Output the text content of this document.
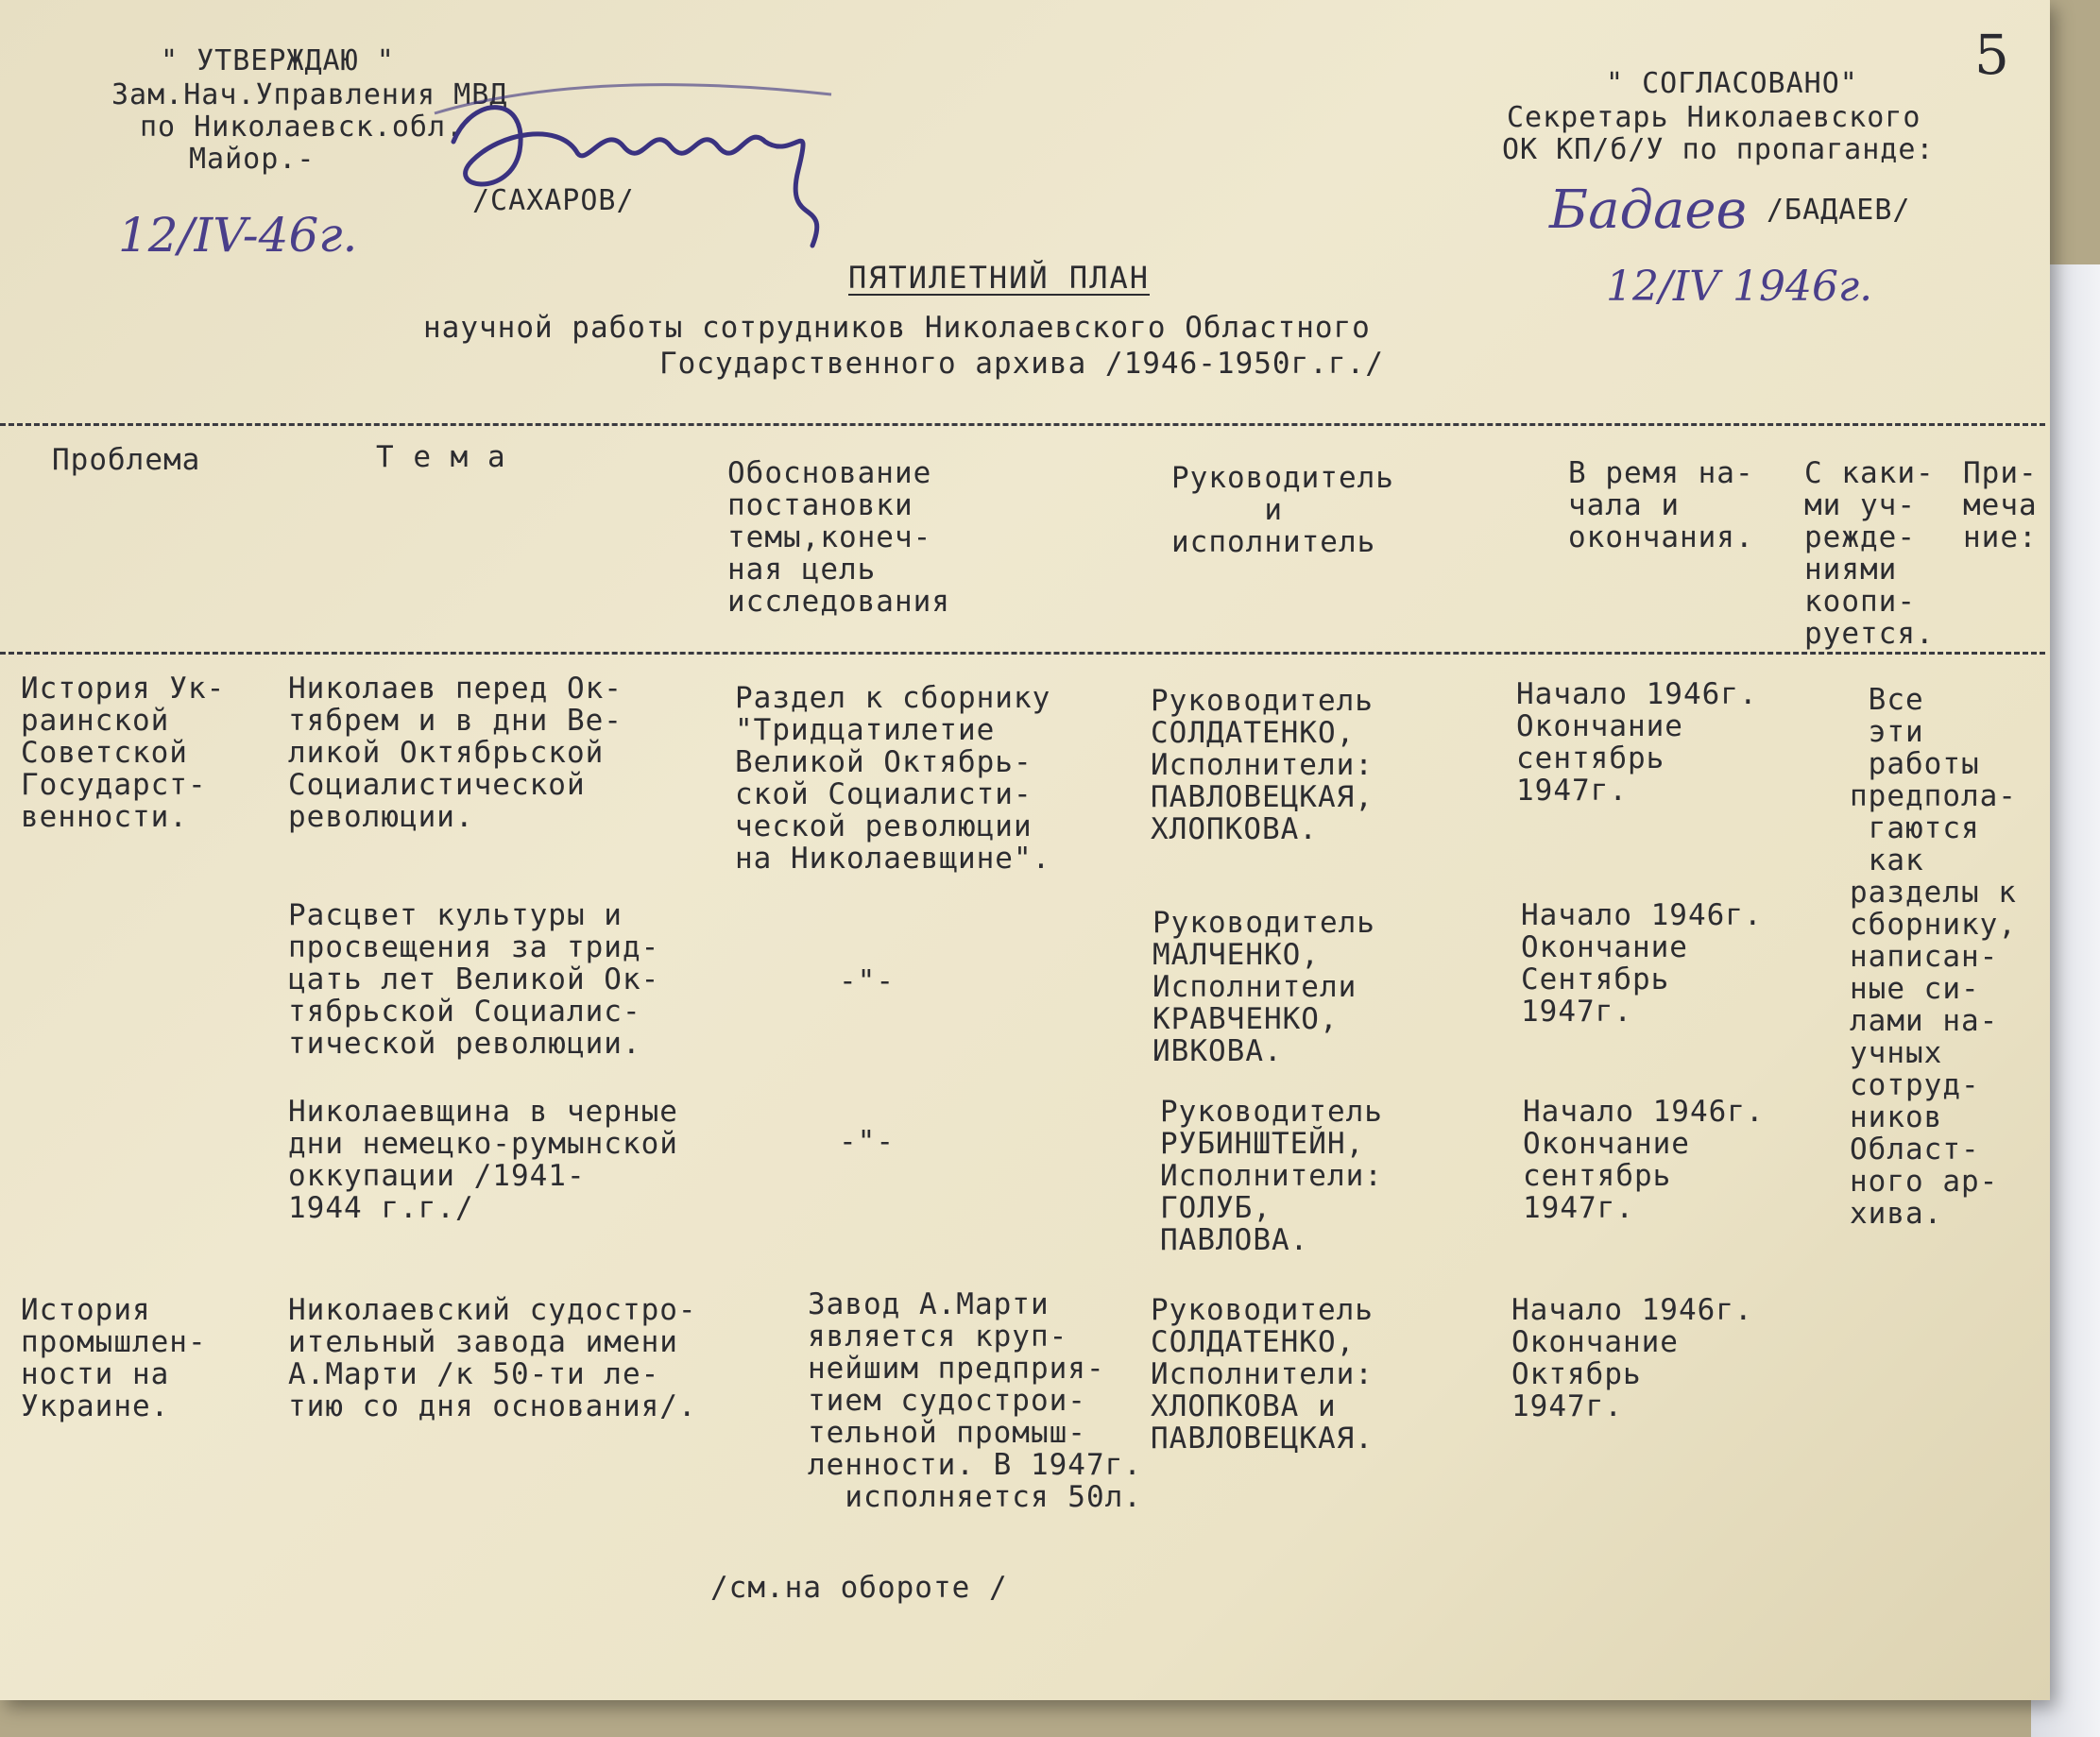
" УТВЕРЖДАЮ "
Зам.Нач.Управления МВД
по Николаевск.обл.
Майор.-
/САХАРОВ/
12/IV-46г.
" СОГЛАСОВАНО"
Секретарь Николаевского
ОК КП/б/У по пропаганде:
Бадаев /БАДАЕВ/
12/IV 1946г.
5
ПЯТИЛЕТНИЙ ПЛАН
научной работы сотрудников Николаевского Областного
Государственного архива /1946-1950г.г./
Проблема	Т е м а	Обоснование
постановки
темы,конеч-
ная цель
исследования
Руководитель
и
исполнитель
В ремя на-
чала и
окончания.
С каки-
ми уч-
режде-
ниями
коопи-
руется.
При-
меча
ние:
История Ук-
раинской
Советской
Государст-
венности.
Николаев перед Ок-
тябрем и в дни Ве-
ликой Октябрьской
Социалистической
революции.
Раздел к сборнику
"Тридцатилетие
Великой Октябрь-
ской Социалисти-
ческой революции
на Николаевщине".
Руководитель
СОЛДАТЕНКО,
Исполнители:
ПАВЛОВЕЦКАЯ,
ХЛОПКОВА.
Начало 1946г.
Окончание
сентябрь
1947г.
Расцвет культуры и
просвещения за трид-
цать лет Великой Ок-
тябрьской Социалис-
тической революции.
-"-
Руководитель
МАЛЧЕНКО,
Исполнители
КРАВЧЕНКО,
ИВКОВА.
Начало 1946г.
Окончание
Сентябрь
1947г.
Николаевщина в черные
дни немецко-румынской
оккупации /1941-
1944 г.г./
-"-
Руководитель
РУБИНШТЕЙН,
Исполнители:
ГОЛУБ,
ПАВЛОВА.
Начало 1946г.
Окончание
сентябрь
1947г.
История
промышлен-
ности на
Украине.
Николаевский судостро-
ительный завода имени
А.Марти /к 50-ти ле-
тию со дня основания/.
Завод А.Марти
является круп-
нейшим предприя-
тием судострои-
тельной промыш-
ленности. В 1947г.
исполняется 50л.
Руководитель
СОЛДАТЕНКО,
Исполнители:
ХЛОПКОВА и
ПАВЛОВЕЦКАЯ.
Начало 1946г.
Окончание
Октябрь
1947г.
Все
эти
работы
предпола-
гаются
как
разделы к
сборнику,
написан-
ные си-
лами на-
учных
сотруд-
ников
Област-
ного ар-
хива.
/см.на обороте /
